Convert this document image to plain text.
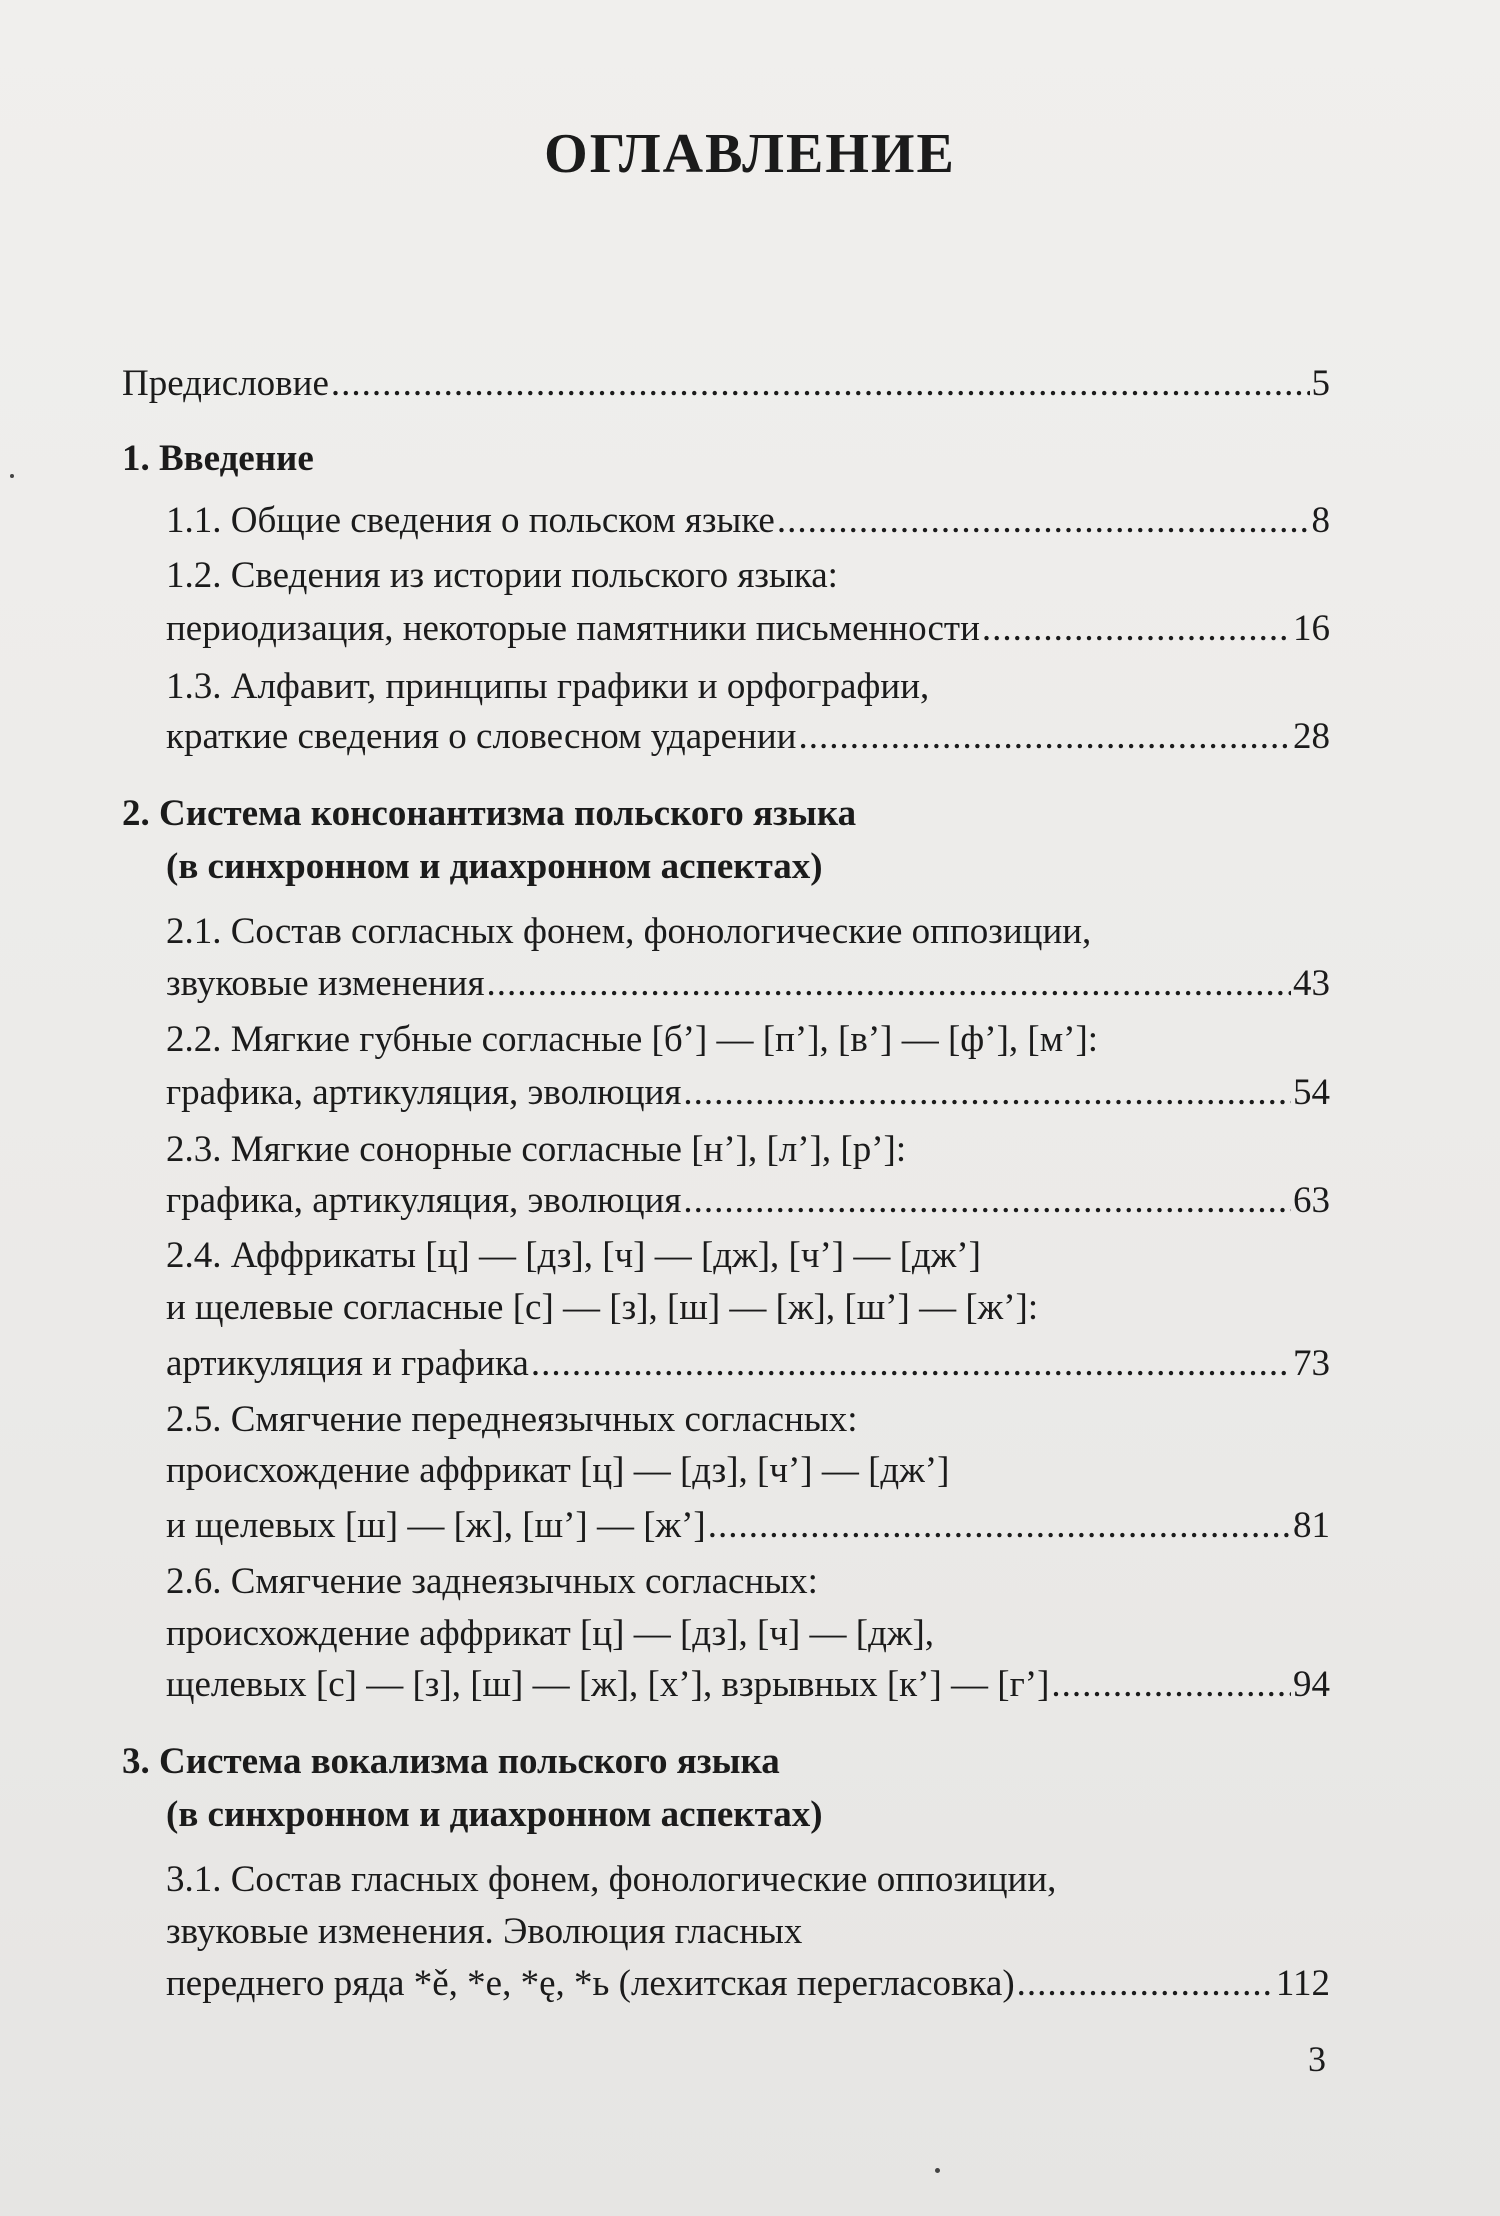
ОГЛАВЛЕНИЕ
Предисловие .....	5
1. Введение
1.1. Общие сведения о польском языке .....	8
1.2. Сведения из истории польского языка:
периодизация, некоторые памятники письменности .....	16
1.3. Алфавит, принципы графики и орфографии,
краткие сведения о словесном ударении .....	28
2. Система консонантизма польского языка
(в синхронном и диахронном аспектах)
2.1. Состав согласных фонем, фонологические оппозиции,
звуковые изменения .....	43
2.2. Мягкие губные согласные [б’] — [п’], [в’] — [ф’], [м’]:
графика, артикуляция, эволюция .....	54
2.3. Мягкие сонорные согласные [н’], [л’], [р’]:
графика, артикуляция, эволюция .....	63
2.4. Аффрикаты [ц] — [дз], [ч] — [дж], [ч’] — [дж’]
и щелевые согласные [с] — [з], [ш] — [ж], [ш’] — [ж’]:
артикуляция и графика .....	73
2.5. Смягчение переднеязычных согласных:
происхождение аффрикат [ц] — [дз], [ч’] — [дж’]
и щелевых [ш] — [ж], [ш’] — [ж’] .....	81
2.6. Смягчение заднеязычных согласных:
происхождение аффрикат [ц] — [дз], [ч] — [дж],
щелевых [с] — [з], [ш] — [ж], [х’], взрывных [к’] — [г’] .....	94
3. Система вокализма польского языка
(в синхронном и диахронном аспектах)
3.1. Состав гласных фонем, фонологические оппозиции,
звуковые изменения. Эволюция гласных
переднего ряда *ě, *e, *ę, *ь (лехитская перегласовка) .....	112
3
